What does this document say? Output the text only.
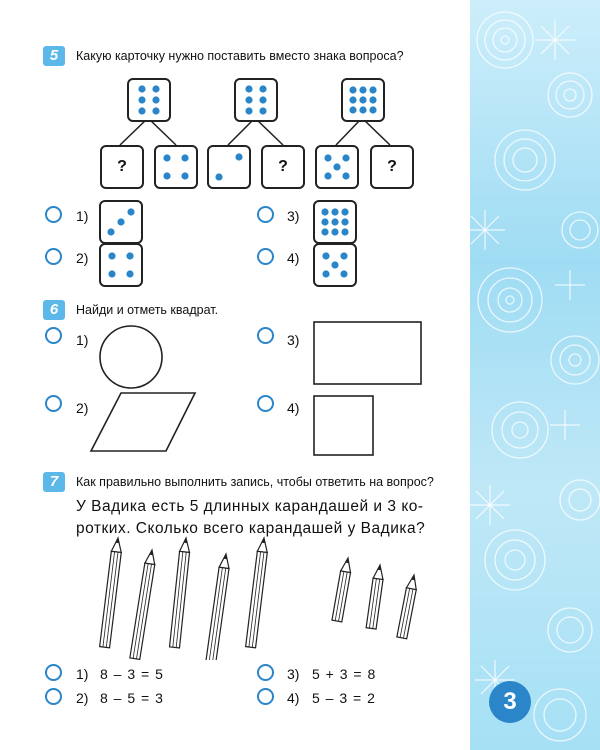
3
5	Какую карточку нужно поставить вместо знака вопроса?
?	?	?
1)
2)
3)
4)
6	Найди и отметь квадрат.
1)
2)
3)
4)
7	Как правильно выполнить запись, чтобы ответить на вопрос?
У Вадика есть 5 длинных карандашей и 3 коротких. Сколько всего карандашей у Вадика?
1) 8 – 3 = 5
2) 8 – 5 = 3
3) 5 + 3 = 8
4) 5 – 3 = 2
